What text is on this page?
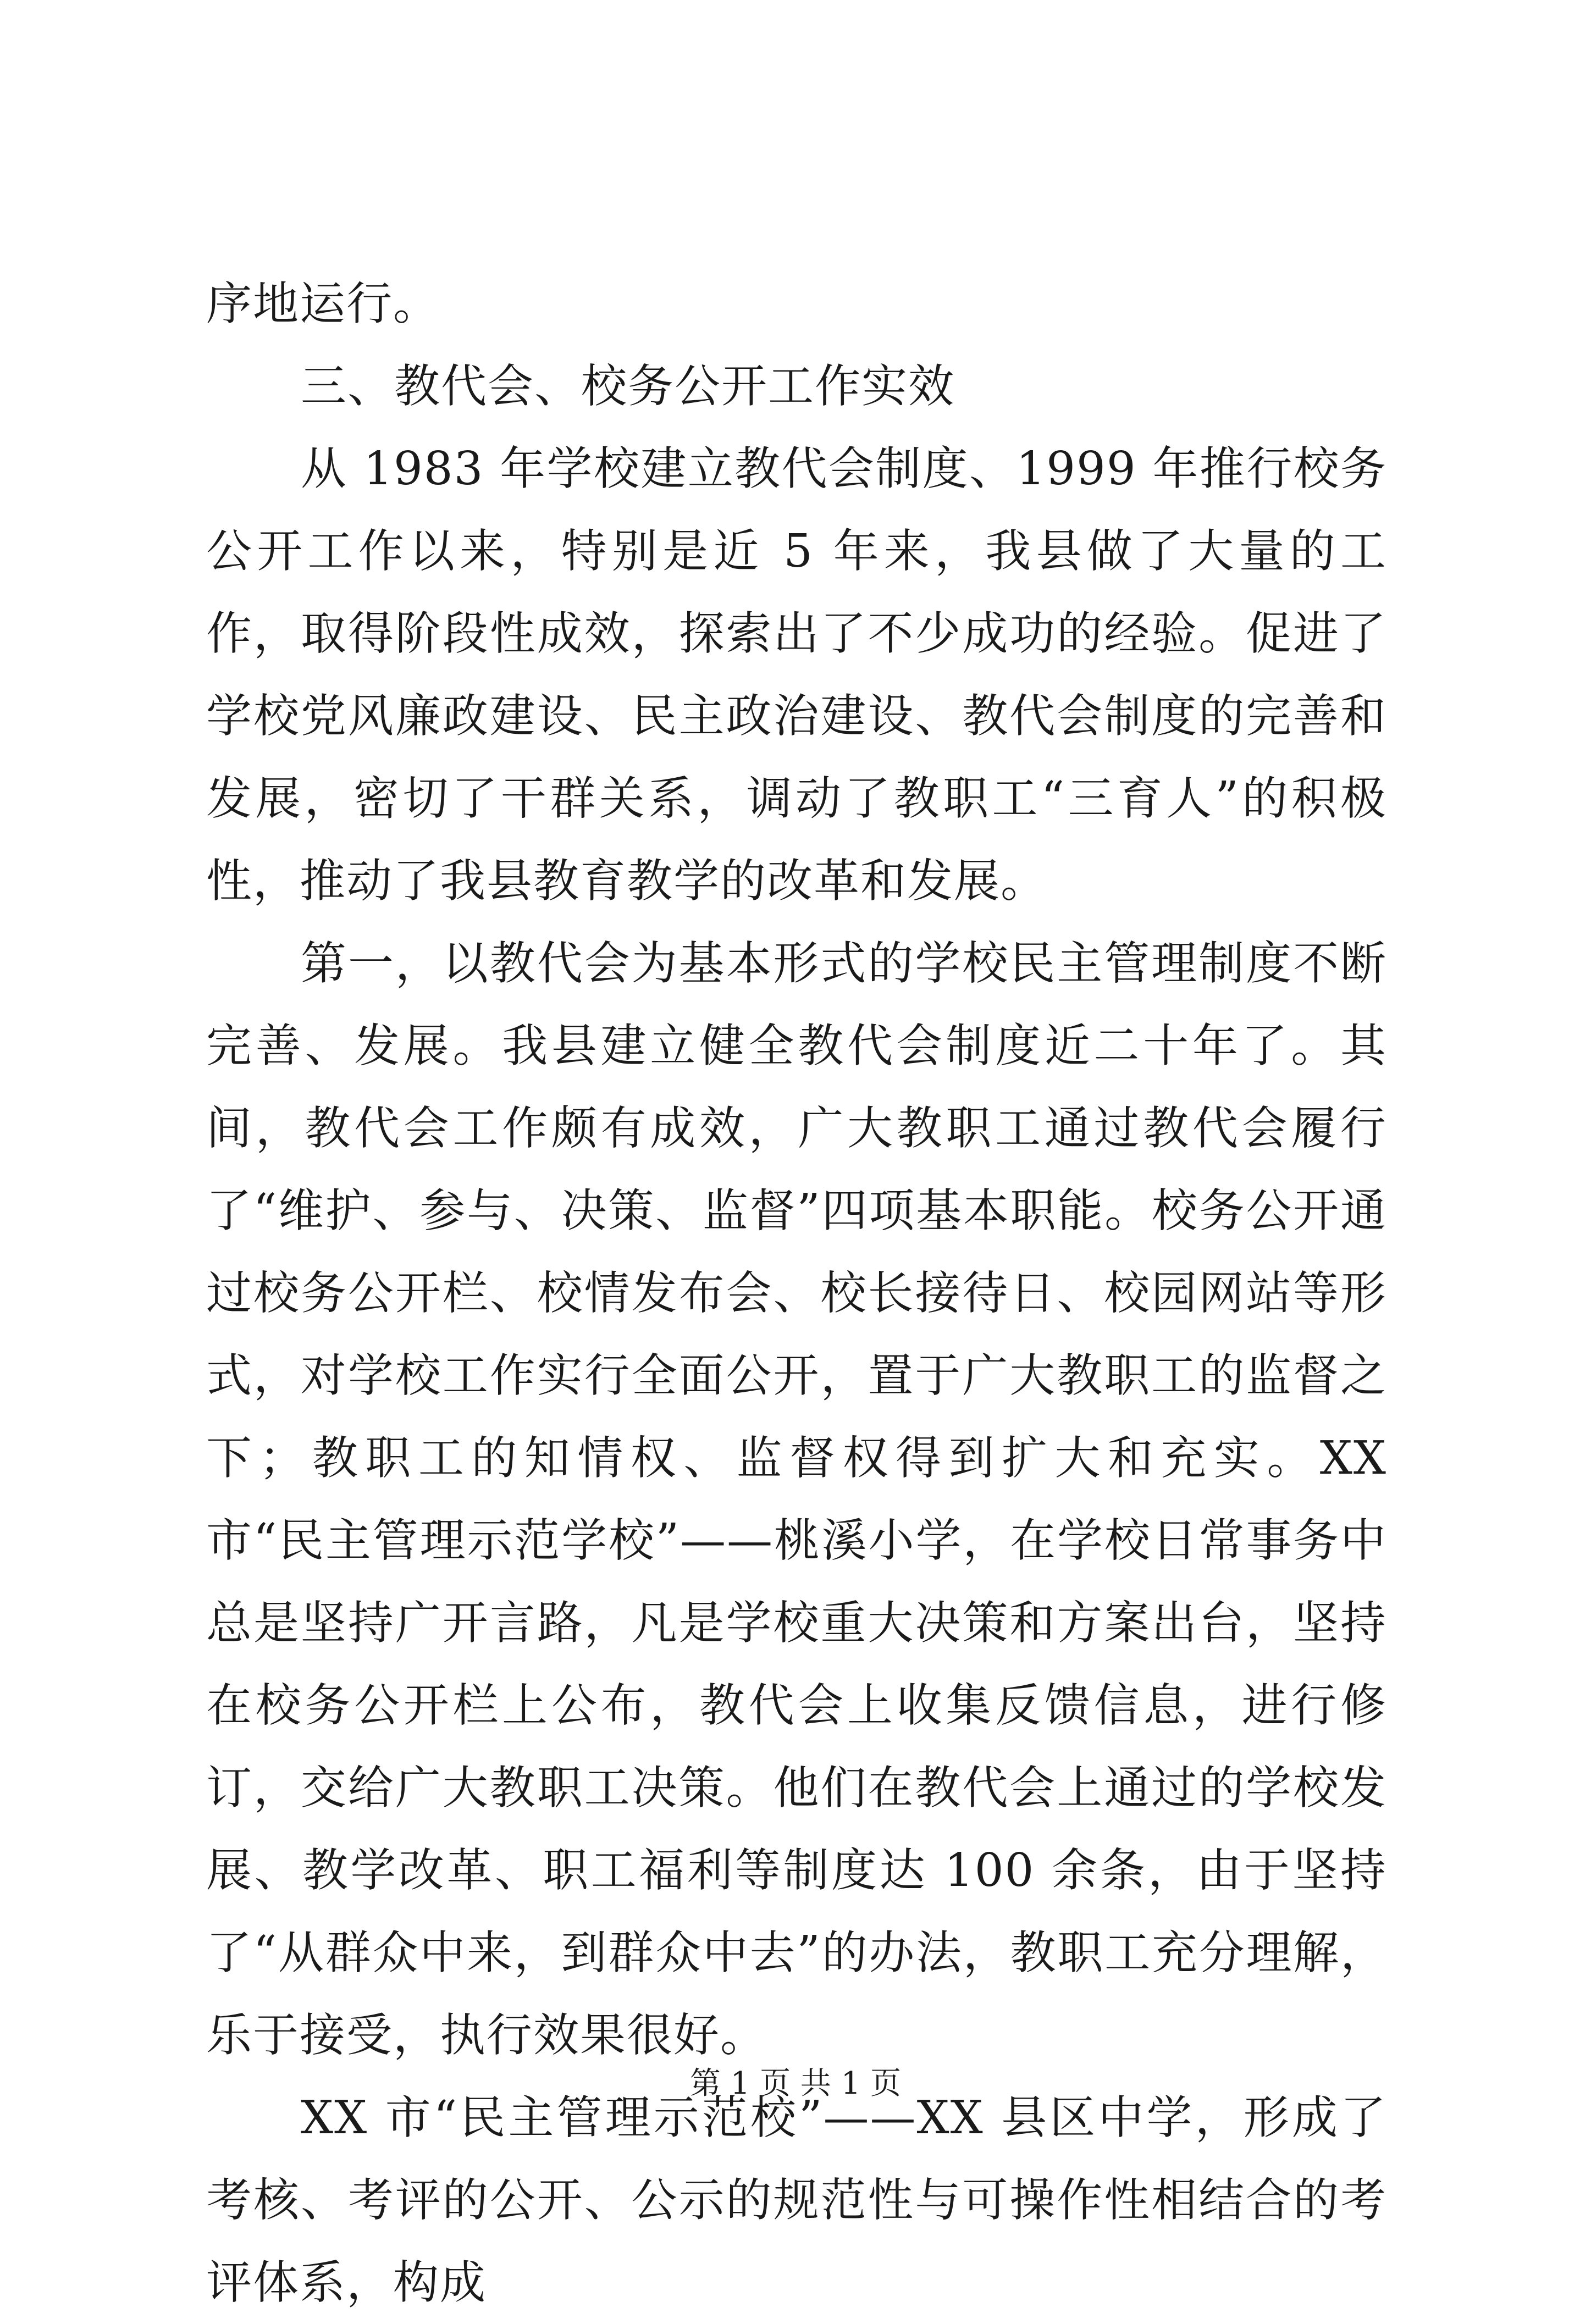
序地运行。

三、教代会、校务公开工作实效

从 1983 年学校建立教代会制度、1999 年推行校务公开工作以来，特别是近 5 年来，我县做了大量的工作，取得阶段性成效，探索出了不少成功的经验。促进了学校党风廉政建设、民主政治建设、教代会制度的完善和发展，密切了干群关系，调动了教职工“三育人”的积极性，推动了我县教育教学的改革和发展。

第一，以教代会为基本形式的学校民主管理制度不断完善、发展。我县建立健全教代会制度近二十年了。其间，教代会工作颇有成效，广大教职工通过教代会履行了“维护、参与、决策、监督”四项基本职能。校务公开通过校务公开栏、校情发布会、校长接待日、校园网站等形式，对学校工作实行全面公开，置于广大教职工的监督之下；教职工的知情权、监督权得到扩大和充实。XX 市“民主管理示范学校”——桃溪小学，在学校日常事务中总是坚持广开言路，凡是学校重大决策和方案出台，坚持在校务公开栏上公布，教代会上收集反馈信息，进行修订，交给广大教职工决策。他们在教代会上通过的学校发展、教学改革、职工福利等制度达 100 余条，由于坚持了“从群众中来，到群众中去”的办法，教职工充分理解，乐于接受，执行效果很好。

XX 市“民主管理示范校”——XX 县区中学，形成了考核、考评的公开、公示的规范性与可操作性相结合的考评体系，构成

第 1 页 共 1 页
